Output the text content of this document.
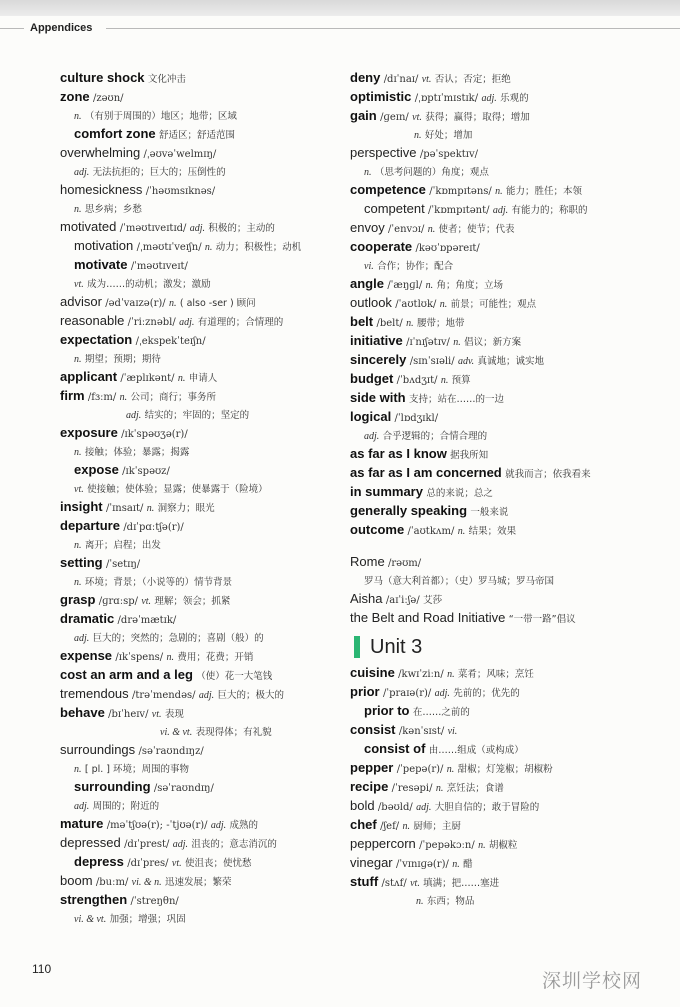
Appendices
culture shock 文化冲击
zone /zəʊn/
n. （有别于周围的）地区；地带；区域
comfort zone 舒适区；舒适范围
overwhelming /ˌəʊvəˈwelmɪŋ/
adj. 无法抗拒的；巨大的；压倒性的
homesickness /ˈhəʊmsɪknəs/
n. 思乡病；乡愁
motivated /ˈməʊtɪveɪtɪd/ adj. 积极的；主动的
motivation /ˌməʊtɪˈveɪʃn/ n. 动力；积极性；动机
motivate /ˈməʊtɪveɪt/
vt. 成为……的动机；激发；激励
advisor /ədˈvaɪzə(r)/ n. ( also -ser ) 顾问
reasonable /ˈriːznəbl/ adj. 有道理的；合情理的
expectation /ˌekspekˈteɪʃn/
n. 期望；预期；期待
applicant /ˈæplɪkənt/ n. 申请人
firm /fɜːm/ n. 公司；商行；事务所
adj. 结实的；牢固的；坚定的
exposure /ɪkˈspəʊʒə(r)/
n. 接触；体验；暴露；揭露
expose /ɪkˈspəʊz/
vt. 使接触；使体验；显露；使暴露于（险境）
insight /ˈɪnsaɪt/ n. 洞察力；眼光
departure /dɪˈpɑːtʃə(r)/
n. 离开；启程；出发
setting /ˈsetɪŋ/
n. 环境；背景；（小说等的）情节背景
grasp /ɡrɑːsp/ vt. 理解；领会；抓紧
dramatic /drəˈmætɪk/
adj. 巨大的；突然的；急剧的；喜剧（般）的
expense /ɪkˈspens/ n. 费用；花费；开销
cost an arm and a leg （使）花一大笔钱
tremendous /trəˈmendəs/ adj. 巨大的；极大的
behave /bɪˈheɪv/ vt. 表现
vi. & vt. 表现得体；有礼貌
surroundings /səˈraʊndɪŋz/
n. [ pl. ] 环境；周围的事物
surrounding /səˈraʊndɪŋ/
adj. 周围的；附近的
mature /məˈtʃʊə(r); -ˈtjʊə(r)/ adj. 成熟的
depressed /dɪˈprest/ adj. 沮丧的；意志消沉的
depress /dɪˈpres/ vt. 使沮丧；使忧愁
boom /buːm/ vi. & n. 迅速发展；繁荣
strengthen /ˈstreŋθn/
vi. & vt. 加强；增强；巩固
deny /dɪˈnaɪ/ vt. 否认；否定；拒绝
optimistic /ˌɒptɪˈmɪstɪk/ adj. 乐观的
gain /ɡeɪn/ vt. 获得；赢得；取得；增加
n. 好处；增加
perspective /pəˈspektɪv/
n. （思考问题的）角度；观点
competence /ˈkɒmpɪtəns/ n. 能力；胜任；本领
competent /ˈkɒmpɪtənt/ adj. 有能力的；称职的
envoy /ˈenvɔɪ/ n. 使者；使节；代表
cooperate /kəʊˈɒpəreɪt/
vi. 合作；协作；配合
angle /ˈæŋɡl/ n. 角；角度；立场
outlook /ˈaʊtlʊk/ n. 前景；可能性；观点
belt /belt/ n. 腰带；地带
initiative /ɪˈnɪʃətɪv/ n. 倡议；新方案
sincerely /sɪnˈsɪəli/ adv. 真诚地；诚实地
budget /ˈbʌdʒɪt/ n. 预算
side with 支持；站在……的一边
logical /ˈlɒdʒɪkl/
adj. 合乎逻辑的；合情合理的
as far as I know 据我所知
as far as I am concerned 就我而言；依我看来
in summary 总的来说；总之
generally speaking 一般来说
outcome /ˈaʊtkʌm/ n. 结果；效果
Rome /rəʊm/
罗马（意大利首都）；（史）罗马城；罗马帝国
Aisha /aɪˈiːʃə/ 艾莎
the Belt and Road Initiative “一带一路”倡议
Unit 3
cuisine /kwɪˈziːn/ n. 菜肴；风味；烹饪
prior /ˈpraɪə(r)/ adj. 先前的；优先的
prior to 在……之前的
consist /kənˈsɪst/ vi.
consist of 由……组成（或构成）
pepper /ˈpepə(r)/ n. 甜椒；灯笼椒；胡椒粉
recipe /ˈresəpi/ n. 烹饪法；食谱
bold /bəʊld/ adj. 大胆自信的；敢于冒险的
chef /ʃef/ n. 厨师；主厨
peppercorn /ˈpepəkɔːn/ n. 胡椒粒
vinegar /ˈvɪnɪɡə(r)/ n. 醋
stuff /stʌf/ vt. 填满；把……塞进
n. 东西；物品
110
深圳学校网
